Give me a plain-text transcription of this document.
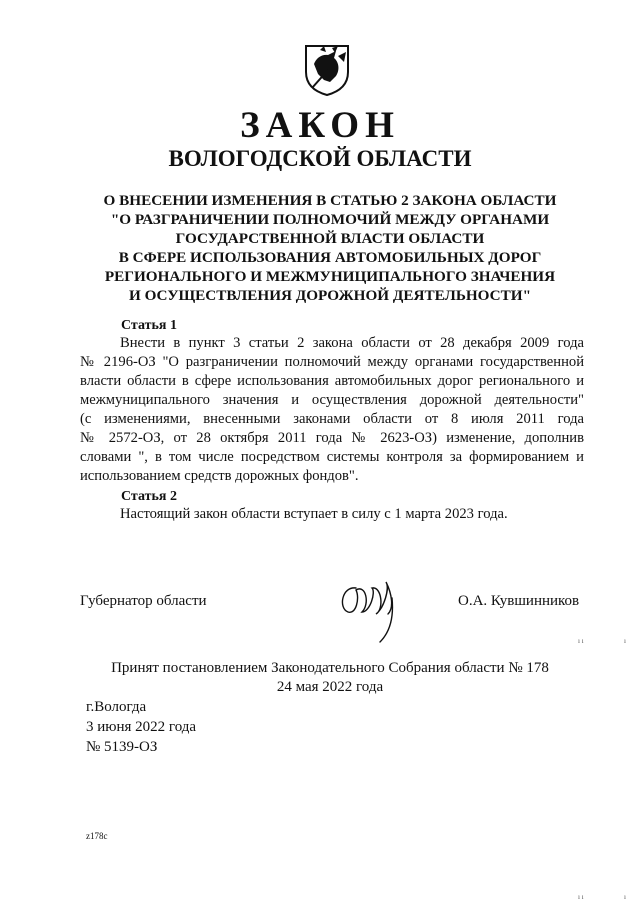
ЗАКОН
ВОЛОГОДСКОЙ ОБЛАСТИ
О ВНЕСЕНИИ ИЗМЕНЕНИЯ В СТАТЬЮ 2 ЗАКОНА ОБЛАСТИ
"О РАЗГРАНИЧЕНИИ ПОЛНОМОЧИЙ МЕЖДУ ОРГАНАМИ
ГОСУДАРСТВЕННОЙ ВЛАСТИ ОБЛАСТИ
В СФЕРЕ ИСПОЛЬЗОВАНИЯ АВТОМОБИЛЬНЫХ ДОРОГ
РЕГИОНАЛЬНОГО И МЕЖМУНИЦИПАЛЬНОГО ЗНАЧЕНИЯ
И ОСУЩЕСТВЛЕНИЯ ДОРОЖНОЙ ДЕЯТЕЛЬНОСТИ"
Статья 1
Внести в пункт 3 статьи 2 закона области от 28 декабря 2009 года
№ 2196-ОЗ "О разграничении полномочий между органами государственной
власти области в сфере использования автомобильных дорог регионального и
межмуниципального значения и осуществления дорожной деятельности"
(с изменениями, внесенными законами области от 8 июля 2011 года
№ 2572-ОЗ, от 28 октября 2011 года № 2623-ОЗ) изменение, дополнив
словами ", в том числе посредством системы контроля за формированием и
использованием средств дорожных фондов".
Статья 2
Настоящий закон области вступает в силу с 1 марта 2023 года.
Губернатор области	О.А. Кувшинников
Принят постановлением Законодательного Собрания области № 178
24 мая 2022 года
г.Вологда
3 июня 2022 года
№ 5139-ОЗ
z178c
ı ı	ı
ı ı	ı
